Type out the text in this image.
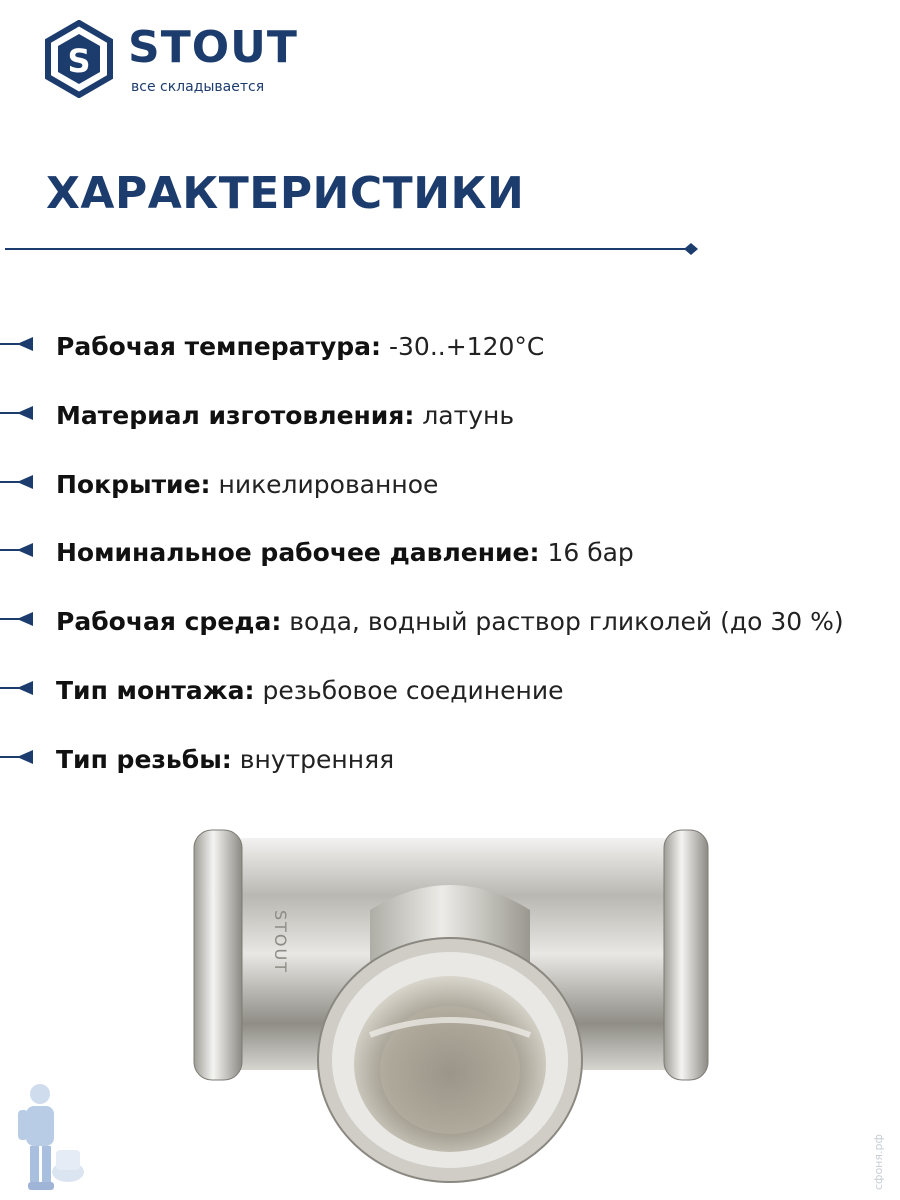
S STOUT
все складывается
ХАРАКТЕРИСТИКИ
Рабочая температура: -30..+120°C
Материал изготовления: латунь
Покрытие: никелированное
Номинальное рабочее давление: 16 бар
Рабочая среда: вода, водный раствор гликолей (до 30 %)
Тип монтажа: резьбовое соединение
Тип резьбы: внутренняя
STOUT
сфоня.рф
